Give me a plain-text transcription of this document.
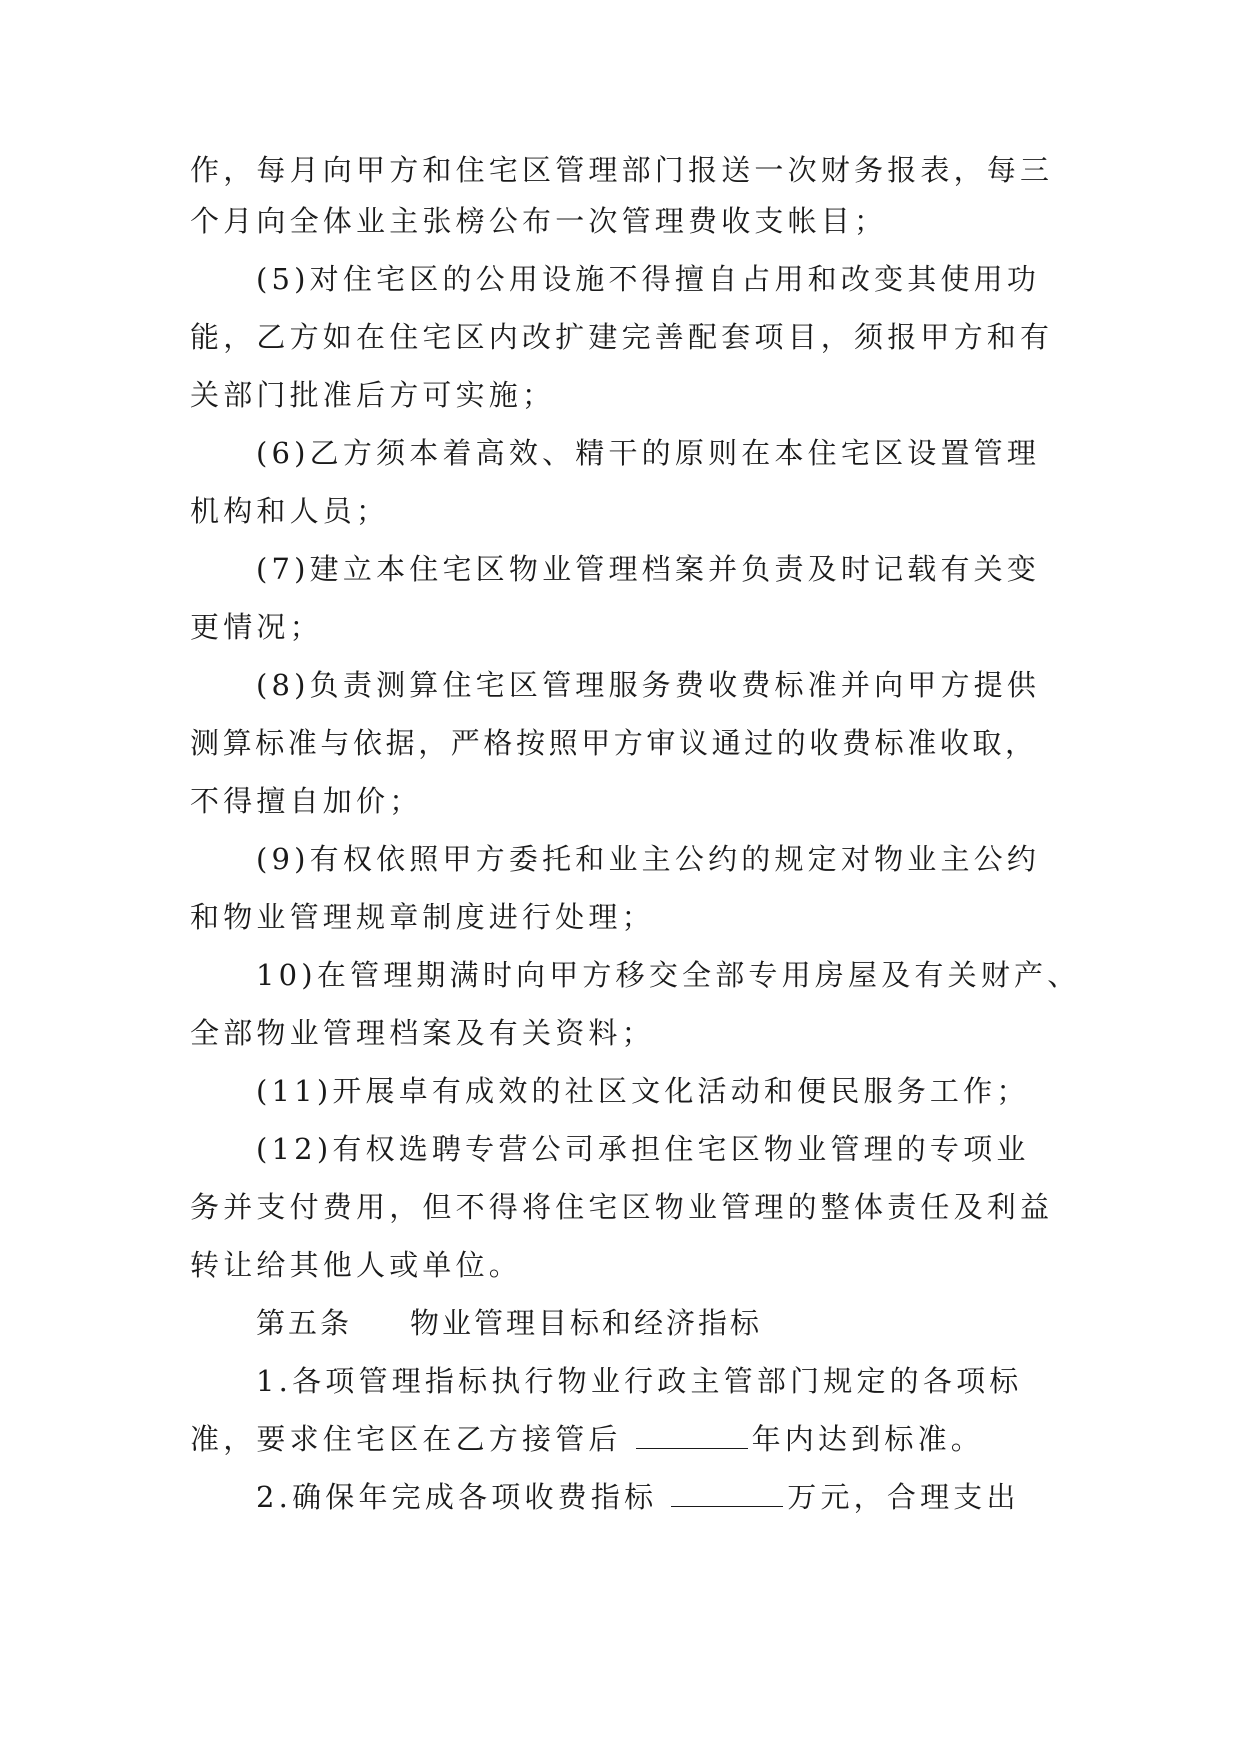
作，每月向甲方和住宅区管理部门报送一次财务报表，每三
个月向全体业主张榜公布一次管理费收支帐目；
(5)对住宅区的公用设施不得擅自占用和改变其使用功
能，乙方如在住宅区内改扩建完善配套项目，须报甲方和有
关部门批准后方可实施；
(6)乙方须本着高效、精干的原则在本住宅区设置管理
机构和人员；
(7)建立本住宅区物业管理档案并负责及时记载有关变
更情况；
(8)负责测算住宅区管理服务费收费标准并向甲方提供
测算标准与依据，严格按照甲方审议通过的收费标准收取，
不得擅自加价；
(9)有权依照甲方委托和业主公约的规定对物业主公约
和物业管理规章制度进行处理；
10)在管理期满时向甲方移交全部专用房屋及有关财产、
全部物业管理档案及有关资料；
(11)开展卓有成效的社区文化活动和便民服务工作；
(12)有权选聘专营公司承担住宅区物业管理的专项业
务并支付费用，但不得将住宅区物业管理的整体责任及利益
转让给其他人或单位。
第五条 物业管理目标和经济指标
1.各项管理指标执行物业行政主管部门规定的各项标
准，要求住宅区在乙方接管后	年内达到标准。
2.确保年完成各项收费指标	万元，合理支出
